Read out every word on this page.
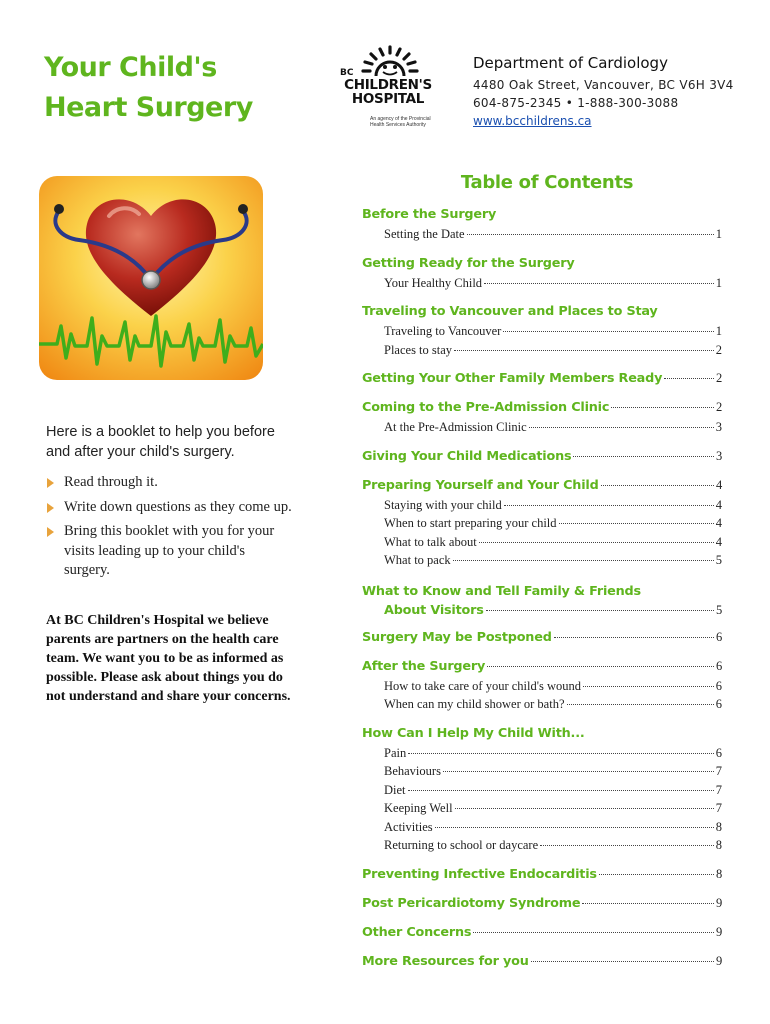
Your Child's
Heart Surgery
BC
CHILDREN'S
HOSPITAL
An agency of the Provincial Health Services Authority
Department of Cardiology
4480 Oak Street, Vancouver, BC V6H 3V4
604-875-2345 • 1-888-300-3088
www.bcchildrens.ca

Here is a booklet to help you before and after your child's surgery.

Read through it.
Write down questions as they come up.
Bring this booklet with you for your visits leading up to your child's surgery.

At BC Children's Hospital we believe parents are partners on the health care team. We want you to be as informed as possible. Please ask about things you do not understand and share your concerns.

Table of Contents
Before the Surgery
Setting the Date	1
Getting Ready for the Surgery
Your Healthy Child	1
Traveling to Vancouver and Places to Stay
Traveling to Vancouver	1
Places to stay	2
Getting Your Other Family Members Ready	2
Coming to the Pre-Admission Clinic	2
At the Pre-Admission Clinic	3
Giving Your Child Medications	3
Preparing Yourself and Your Child	4
Staying with your child	4
When to start preparing your child	4
What to talk about	4
What to pack	5
What to Know and Tell Family & Friends
About Visitors	5
Surgery May be Postponed	6
After the Surgery	6
How to take care of your child's wound	6
When can my child shower or bath?	6
How Can I Help My Child With...
Pain	6
Behaviours	7
Diet	7
Keeping Well	7
Activities	8
Returning to school or daycare	8
Preventing Infective Endocarditis	8
Post Pericardiotomy Syndrome	9
Other Concerns	9
More Resources for you	9
